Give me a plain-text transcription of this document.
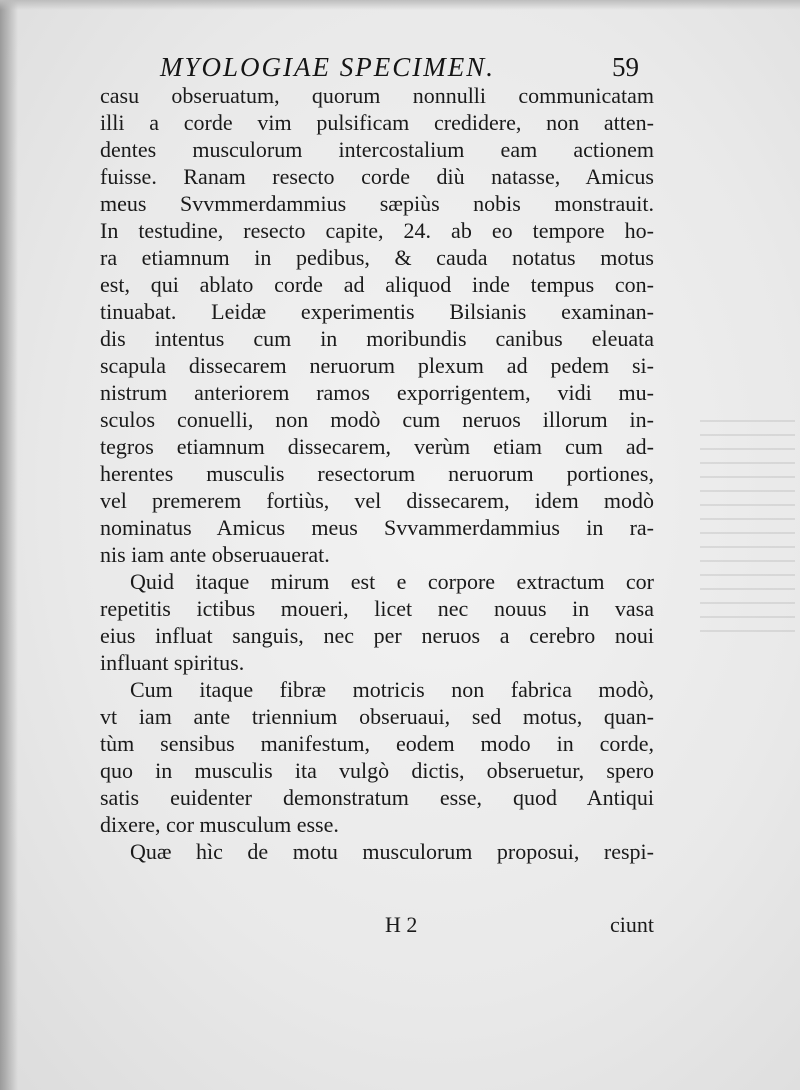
MYOLOGIAE SPECIMEN.	59
casu obseruatum, quorum nonnulli communicatam
illi a corde vim pulsificam credidere, non atten-
dentes musculorum intercostalium eam actionem
fuisse. Ranam resecto corde diù natasse, Amicus
meus Svvmmerdammius sæpiùs nobis monstrauit.
In testudine, resecto capite, 24. ab eo tempore ho-
ra etiamnum in pedibus, & cauda notatus motus
est, qui ablato corde ad aliquod inde tempus con-
tinuabat. Leidæ experimentis Bilsianis examinan-
dis intentus cum in moribundis canibus eleuata
scapula dissecarem neruorum plexum ad pedem si-
nistrum anteriorem ramos exporrigentem, vidi mu-
sculos conuelli, non modò cum neruos illorum in-
tegros etiamnum dissecarem, verùm etiam cum ad-
herentes musculis resectorum neruorum portiones,
vel premerem fortiùs, vel dissecarem, idem modò
nominatus Amicus meus Svvammerdammius in ra-
nis iam ante obseruauerat.
Quid itaque mirum est e corpore extractum cor
repetitis ictibus moueri, licet nec nouus in vasa
eius influat sanguis, nec per neruos a cerebro noui
influant spiritus.
Cum itaque fibræ motricis non fabrica modò,
vt iam ante triennium obseruaui, sed motus, quan-
tùm sensibus manifestum, eodem modo in corde,
quo in musculis ita vulgò dictis, obseruetur, spero
satis euidenter demonstratum esse, quod Antiqui
dixere, cor musculum esse.
Quæ hìc de motu musculorum proposui, respi-
H 2	ciunt
